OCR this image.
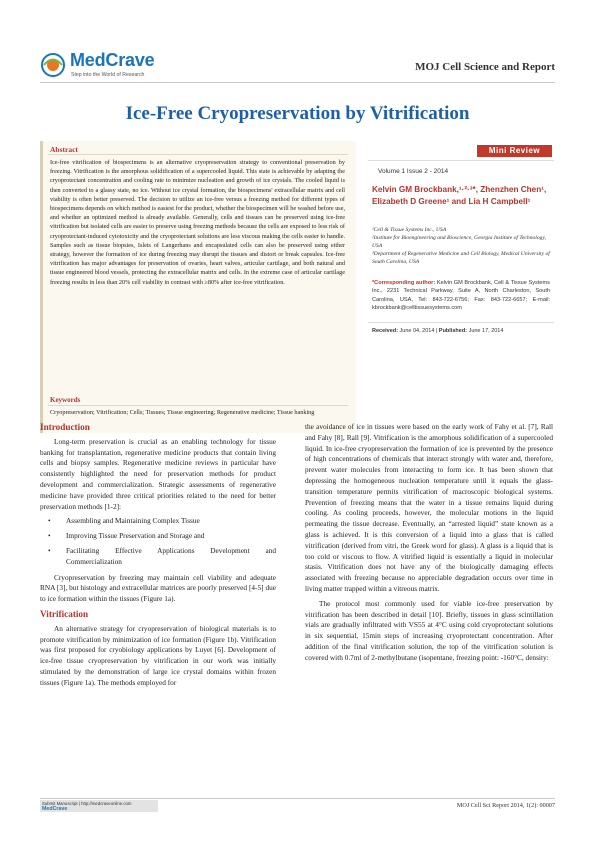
MedCrave
Step into the World of Research
MOJ Cell Science and Report
Ice-Free Cryopreservation by Vitrification
Abstract
Ice-free vitrification of biospecimens is an alternative cryopreservation strategy to conventional preservation by freezing. Vitrification is the amorphous solidification of a supercooled liquid. This state is achievable by adapting the cryoprotectant concentration and cooling rate to minimize nucleation and growth of ice crystals. The cooled liquid is then converted to a glassy state, no ice. Without ice crystal formation, the biospecimens' extracellular matrix and cell viability is often better preserved. The decision to utilize an ice-free versus a freezing method for different types of biospecimens depends on which method is easiest for the product, whether the biospecimen will be washed before use, and whether an optimized method is already available. Generally, cells and tissues can be preserved using ice-free vitrification but isolated cells are easier to preserve using freezing methods because the cells are exposed to less risk of cryoprotectant-induced cytotoxicity and the cryoprotectant solutions are less viscous making the cells easier to handle. Samples such as tissue biopsies, Islets of Langerhans and encapsulated cells can also be preserved using either strategy, however the formation of ice during freezing may disrupt the tissues and distort or break capsules. Ice-free vitrification has major advantages for preservation of ovaries, heart valves, articular cartilage, and both natural and tissue engineered blood vessels, protecting the extracellular matrix and cells. In the extreme case of articular cartilage freezing results in less than 20% cell viability in contrast with ≥80% after ice-free vitrification.
Keywords
Cryopreservation; Vitrification; Cells; Tissues; Tissue engineering; Regenerative medicine; Tissue banking
Mini Review
Volume 1 Issue 2 - 2014
Kelvin GM Brockbank,¹·²·³*, Zhenzhen Chen¹, Elizabeth D Greene¹ and Lia H Campbell¹
¹Cell & Tissue Systems Inc., USA
²Institute for Bioengineering and Bioscience, Georgia Institute of Technology, USA
³Department of Regenerative Medicine and Cell Biology, Medical University of South Carolina, USA
*Corresponding author: Kelvin GM Brockbank, Cell & Tissue Systems Inc., 2231 Technical Parkway, Suite A, North Charleston, South Carolina, USA, Tel: 843-722-6756; Fax: 843-722-6657; E-mail: kbrockbank@celltissuesystems.com
Received: June 04, 2014 | Published: June 17, 2014
Introduction

Long-term preservation is crucial as an enabling technology for tissue banking for transplantation, regenerative medicine products that contain living cells and biopsy samples. Regenerative medicine reviews in particular have consistently highlighted the need for preservation methods for product development and commercialization. Strategic assessments of regenerative medicine have provided three critical priorities related to the need for better preservation methods [1-2]:

• Assembling and Maintaining Complex Tissue
• Improving Tissue Preservation and Storage and
• Facilitating Effective Applications Development and Commercialization

Cryopreservation by freezing may maintain cell viability and adequate RNA [3], but histology and extracellular matrices are poorly preserved [4-5] due to ice formation within the tissues (Figure 1a).

Vitrification

An alternative strategy for cryopreservation of biological materials is to promote vitrification by minimization of ice formation (Figure 1b). Vitrification was first proposed for cryobiology applications by Luyet [6]. Development of ice-free tissue cryopreservation by vitrification in our work was initially stimulated by the demonstration of large ice crystal domains within frozen tissues (Figure 1a). The methods employed for

the avoidance of ice in tissues were based on the early work of Fahy et al. [7], Rall and Fahy [8], Rall [9]. Vitrification is the amorphous solidification of a supercooled liquid. In ice-free cryopreservation the formation of ice is prevented by the presence of high concentrations of chemicals that interact strongly with water and, therefore, prevent water molecules from interacting to form ice. It has been shown that depressing the homogeneous nucleation temperature until it equals the glass-transition temperature permits vitrification of macroscopic biological systems. Prevention of freezing means that the water in a tissue remains liquid during cooling. As cooling proceeds, however, the molecular motions in the liquid permeating the tissue decrease. Eventually, an “arrested liquid” state known as a glass is achieved. It is this conversion of a liquid into a glass that is called vitrification (derived from vitri, the Greek word for glass). A glass is a liquid that is too cold or viscous to flow. A vitrified liquid is essentially a liquid in molecular stasis. Vitrification does not have any of the biologically damaging effects associated with freezing because no appreciable degradation occurs over time in living matter trapped within a vitreous matrix.

The protocol most commonly used for viable ice-free preservation by vitrification has been described in detail [10]. Briefly, tissues in glass scintillation vials are gradually infiltrated with VS55 at 4°C using cold cryoprotectant solutions in six sequential, 15min steps of increasing cryoprotectant concentration. After addition of the final vitrification solution, the top of the vitrification solution is covered with 0.7ml of 2-methylbutane (isopentane, freezing point: -160°C, density:

Submit Manuscript | http://medcraveonline.com
MedCrave	MOJ Cell Sci Report 2014, 1(2): 00007
